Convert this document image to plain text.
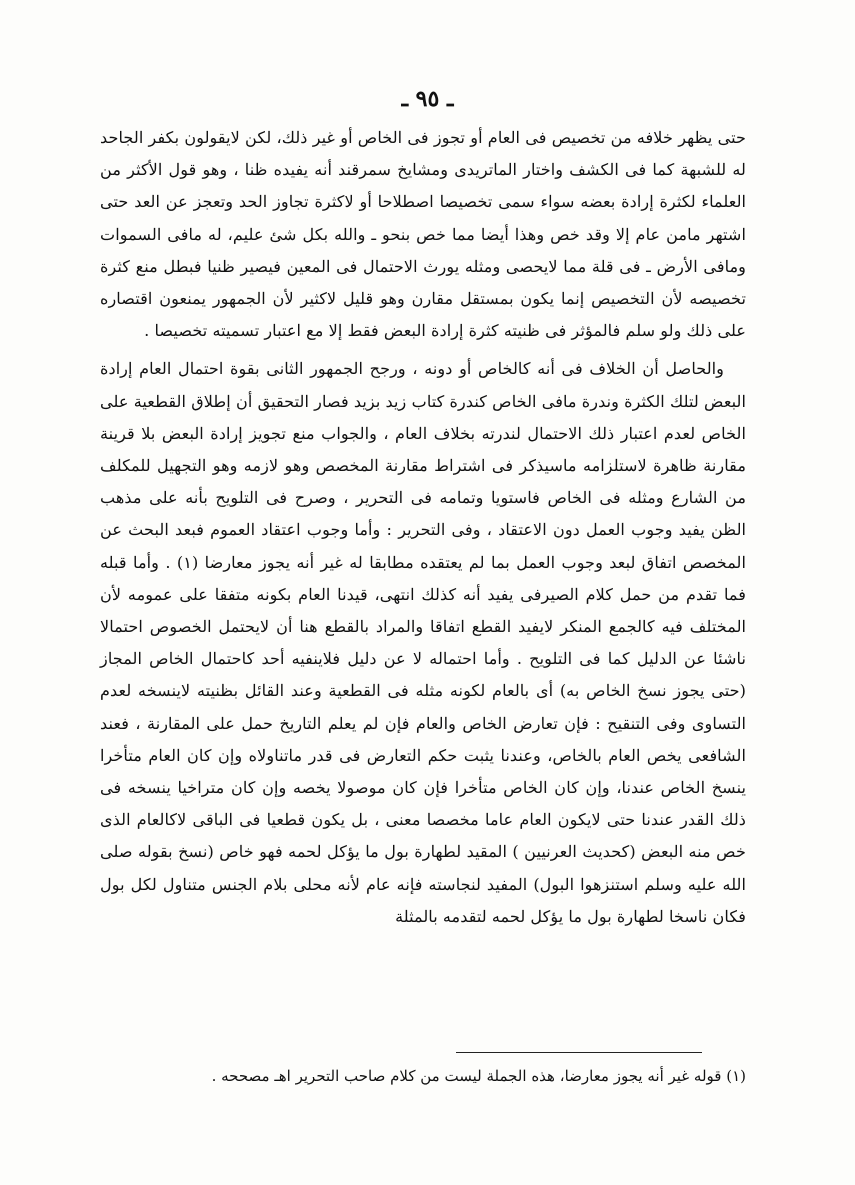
ـ ٩٥ ـ

حتى يظهر خلافه من تخصيص فى العام أو تجوز فى الخاص أو غير ذلك، لكن لايقولون بكفر الجاحد له للشبهة كما فى الكشف واختار الماتريدى ومشايخ سمرقند أنه يفيده ظنا ، وهو قول الأكثر من العلماء لكثرة إرادة بعضه سواء سمى تخصيصا اصطلاحا أو لاكثرة تجاوز الحد وتعجز عن العد حتى اشتهر مامن عام إلا وقد خص وهذا أيضا مما خص بنحو ـ والله بكل شئ عليم، له مافى السموات ومافى الأرض ـ فى قلة مما لايحصى ومثله يورث الاحتمال فى المعين فيصير ظنيا فبطل منع كثرة تخصيصه لأن التخصيص إنما يكون بمستقل مقارن وهو قليل لاكثير لأن الجمهور يمنعون اقتصاره على ذلك ولو سلم فالمؤثر فى ظنيته كثرة إرادة البعض فقط إلا مع اعتبار تسميته تخصيصا .

والحاصل أن الخلاف فى أنه كالخاص أو دونه ، ورجح الجمهور الثانى بقوة احتمال العام إرادة البعض لتلك الكثرة وندرة مافى الخاص كندرة كتاب زيد بزيد فصار التحقيق أن إطلاق القطعية على الخاص لعدم اعتبار ذلك الاحتمال لندرته بخلاف العام ، والجواب منع تجويز إرادة البعض بلا قرينة مقارنة ظاهرة لاستلزامه ماسيذكر فى اشتراط مقارنة المخصص وهو لازمه وهو التجهيل للمكلف من الشارع ومثله فى الخاص فاستويا وتمامه فى التحرير ، وصرح فى التلويح بأنه على مذهب الظن يفيد وجوب العمل دون الاعتقاد ، وفى التحرير : وأما وجوب اعتقاد العموم فبعد البحث عن المخصص اتفاق لبعد وجوب العمل بما لم يعتقده مطابقا له غير أنه يجوز معارضا (١) . وأما قبله فما تقدم من حمل كلام الصيرفى يفيد أنه كذلك انتهى، قيدنا العام بكونه متفقا على عمومه لأن المختلف فيه كالجمع المنكر لايفيد القطع اتفاقا والمراد بالقطع هنا أن لايحتمل الخصوص احتمالا ناشئا عن الدليل كما فى التلويح . وأما احتماله لا عن دليل فلاينفيه أحد كاحتمال الخاص المجاز (حتى يجوز نسخ الخاص به) أى بالعام لكونه مثله فى القطعية وعند القائل بظنيته لاينسخه لعدم التساوى وفى التنقيح : فإن تعارض الخاص والعام فإن لم يعلم التاريخ حمل على المقارنة ، فعند الشافعى يخص العام بالخاص، وعندنا يثبت حكم التعارض فى قدر ماتناولاه وإن كان العام متأخرا ينسخ الخاص عندنا، وإن كان الخاص متأخرا فإن كان موصولا يخصه وإن كان متراخيا ينسخه فى ذلك القدر عندنا حتى لايكون العام عاما مخصصا معنى ، بل يكون قطعيا فى الباقى لاكالعام الذى خص منه البعض (كحديث العرنيين ) المقيد لطهارة بول ما يؤكل لحمه فهو خاص (نسخ بقوله صلى الله عليه وسلم استنزهوا البول) المفيد لنجاسته فإنه عام لأنه محلى بلام الجنس متناول لكل بول فكان ناسخا لطهارة بول ما يؤكل لحمه لتقدمه بالمثلة

(١) قوله غير أنه يجوز معارضا، هذه الجملة ليست من كلام صاحب التحرير اهـ مصححه .
